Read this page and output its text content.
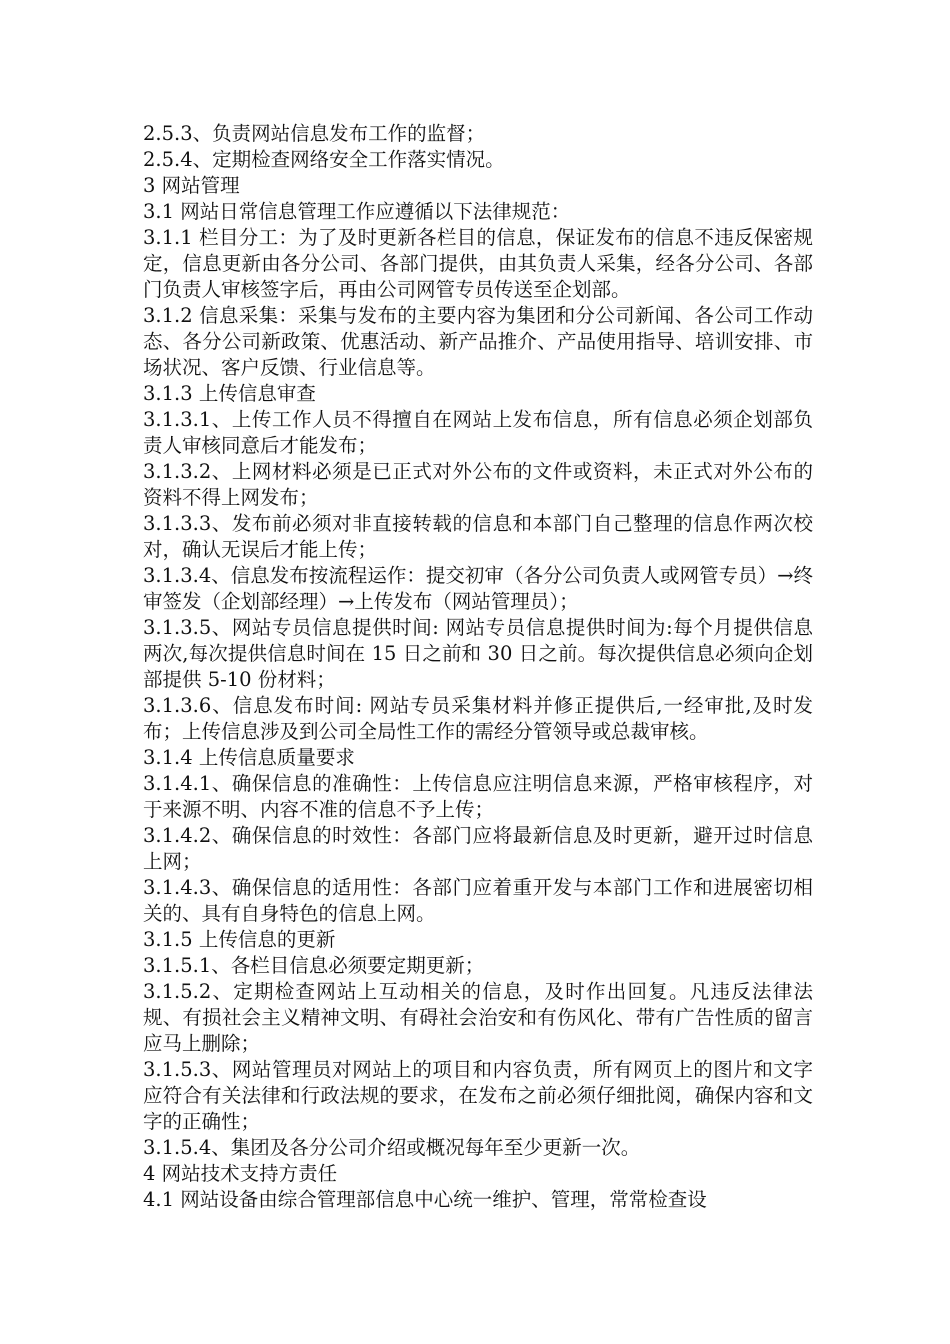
2.5.3、负责网站信息发布工作的监督；

2.5.4、定期检查网络安全工作落实情况。

3 网站管理

3.1 网站日常信息管理工作应遵循以下法律规范：

3.1.1 栏目分工：为了及时更新各栏目的信息，保证发布的信息不违反保密规定，信息更新由各分公司、各部门提供，由其负责人采集，经各分公司、各部门负责人审核签字后，再由公司网管专员传送至企划部。

3.1.2 信息采集：采集与发布的主要内容为集团和分公司新闻、各公司工作动态、各分公司新政策、优惠活动、新产品推介、产品使用指导、培训安排、市场状况、客户反馈、行业信息等。

3.1.3 上传信息审查

3.1.3.1、上传工作人员不得擅自在网站上发布信息，所有信息必须企划部负责人审核同意后才能发布；

3.1.3.2、上网材料必须是已正式对外公布的文件或资料，未正式对外公布的资料不得上网发布；

3.1.3.3、发布前必须对非直接转载的信息和本部门自己整理的信息作两次校对，确认无误后才能上传；

3.1.3.4、信息发布按流程运作：提交初审（各分公司负责人或网管专员）→终审签发（企划部经理）→上传发布（网站管理员）；

3.1.3.5、网站专员信息提供时间: 网站专员信息提供时间为:每个月提供信息两次,每次提供信息时间在 15 日之前和 30 日之前。每次提供信息必须向企划部提供 5-10 份材料；

3.1.3.6、信息发布时间: 网站专员采集材料并修正提供后,一经审批,及时发布；上传信息涉及到公司全局性工作的需经分管领导或总裁审核。

3.1.4 上传信息质量要求

3.1.4.1、确保信息的准确性：上传信息应注明信息来源，严格审核程序，对于来源不明、内容不准的信息不予上传；

3.1.4.2、确保信息的时效性：各部门应将最新信息及时更新，避开过时信息上网；

3.1.4.3、确保信息的适用性：各部门应着重开发与本部门工作和进展密切相关的、具有自身特色的信息上网。

3.1.5 上传信息的更新

3.1.5.1、各栏目信息必须要定期更新；

3.1.5.2、定期检查网站上互动相关的信息，及时作出回复。凡违反法律法规、有损社会主义精神文明、有碍社会治安和有伤风化、带有广告性质的留言应马上删除；

3.1.5.3、网站管理员对网站上的项目和内容负责，所有网页上的图片和文字应符合有关法律和行政法规的要求，在发布之前必须仔细批阅，确保内容和文字的正确性；

3.1.5.4、集团及各分公司介绍或概况每年至少更新一次。

4 网站技术支持方责任

4.1 网站设备由综合管理部信息中心统一维护、管理，常常检查设
